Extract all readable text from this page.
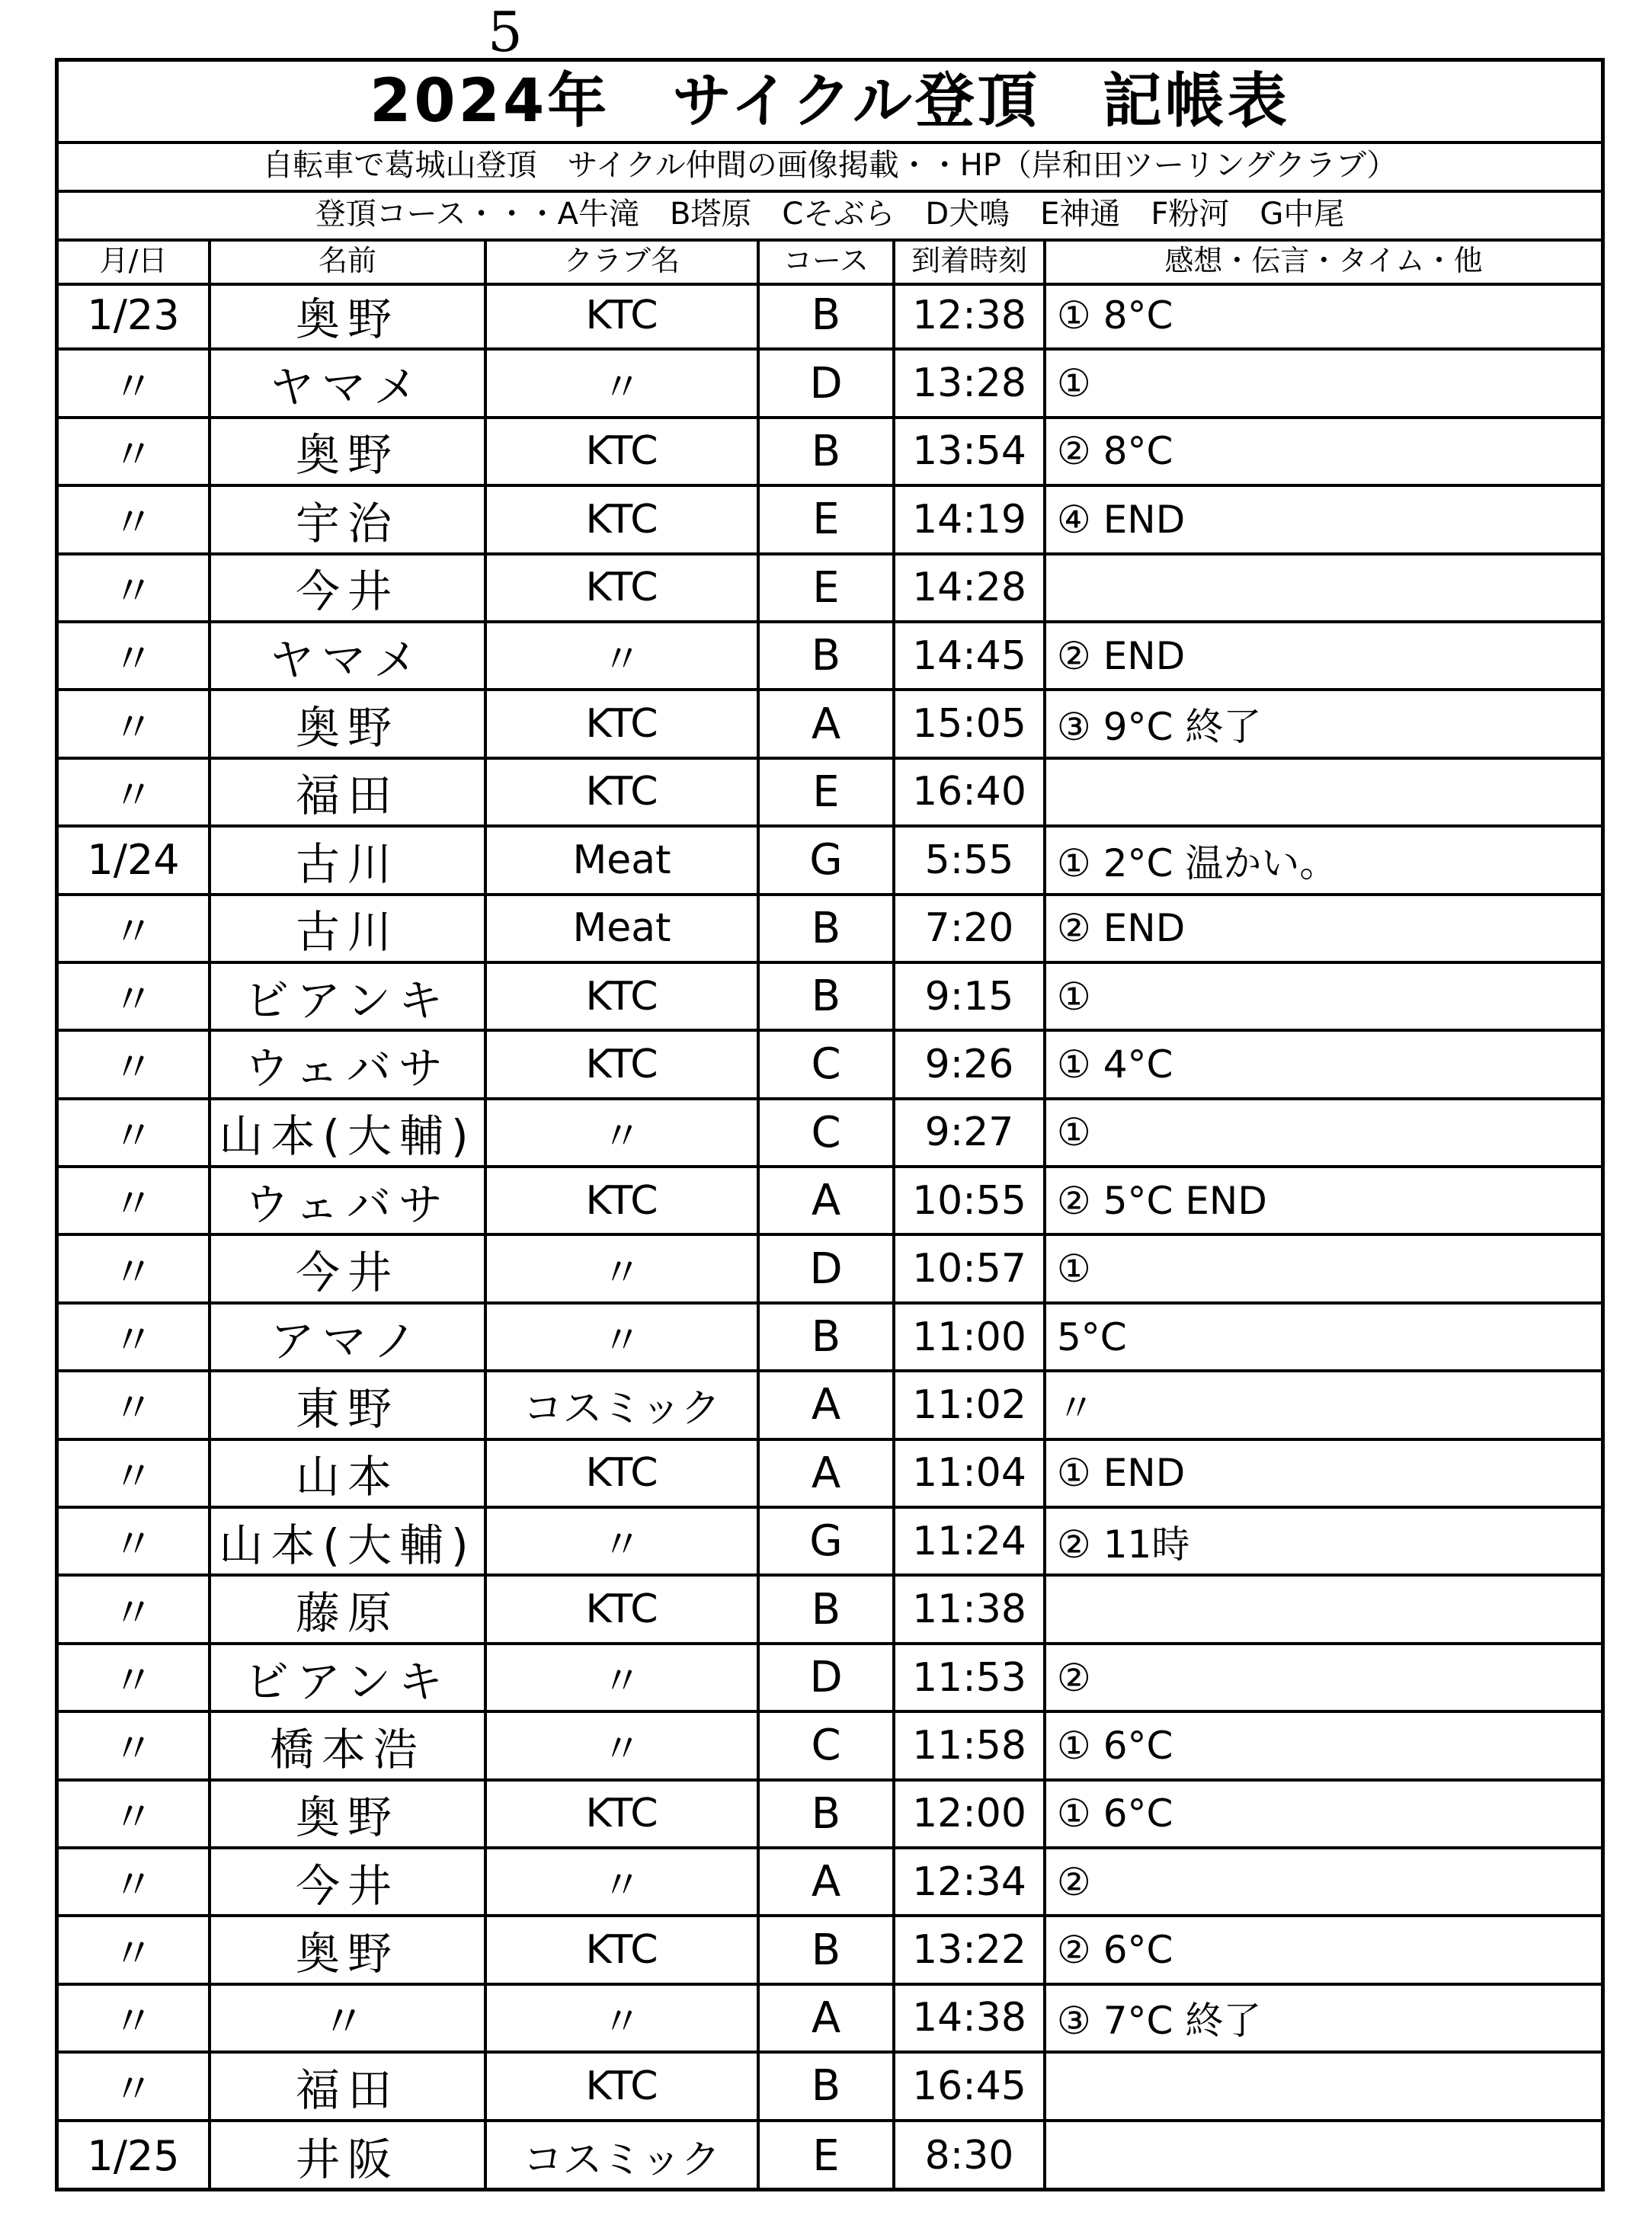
5
2024年　サイクル登頂　記帳表
自転車で葛城山登頂　サイクル仲間の画像掲載・・HP（岸和田ツーリングクラブ）
登頂コース・・・A牛滝　B塔原　Cそぶら　D犬鳴　E神通　F粉河　G中尾
月/日	名前	クラブ名	コース	到着時刻	感想・伝言・タイム・他
1/23	奥野	KTC	B	12:38 ① 8°C
〃	ヤマメ	〃	D	13:28 ①
〃	奥野	KTC	B	13:54 ② 8°C
〃	宇治	KTC	E	14:19 ④ END
〃	今井	KTC	E	14:28
〃	ヤマメ	〃	B	14:45 ② END
〃	奥野	KTC	A	15:05 ③ 9°C 終了
〃	福田	KTC	E	16:40
1/24	古川	Meat	G	5:55	① 2°C 温かい。
〃	古川	Meat	B	7:20	② END
〃	ビアンキ	KTC	B	9:15	①
〃	ウェバサ	KTC	C	9:26	① 4°C
〃	山本(大輔)	〃	C	9:27	①
〃	ウェバサ	KTC	A	10:55 ② 5°C END
〃	今井	〃	D	10:57 ①
〃	アマノ	〃	B	11:00 5°C
〃	東野	コスミック	A	11:02 〃
〃	山本	KTC	A	11:04 ① END
〃	山本(大輔)	〃	G	11:24 ② 11時
〃	藤原	KTC	B	11:38
〃	ビアンキ	〃	D	11:53 ②
〃	橋本浩	〃	C	11:58 ① 6°C
〃	奥野	KTC	B	12:00 ① 6°C
〃	今井	〃	A	12:34 ②
〃	奥野	KTC	B	13:22 ② 6°C
〃	〃	〃	A	14:38 ③ 7°C 終了
〃	福田	KTC	B	16:45
1/25	井阪	コスミック	E	8:30
